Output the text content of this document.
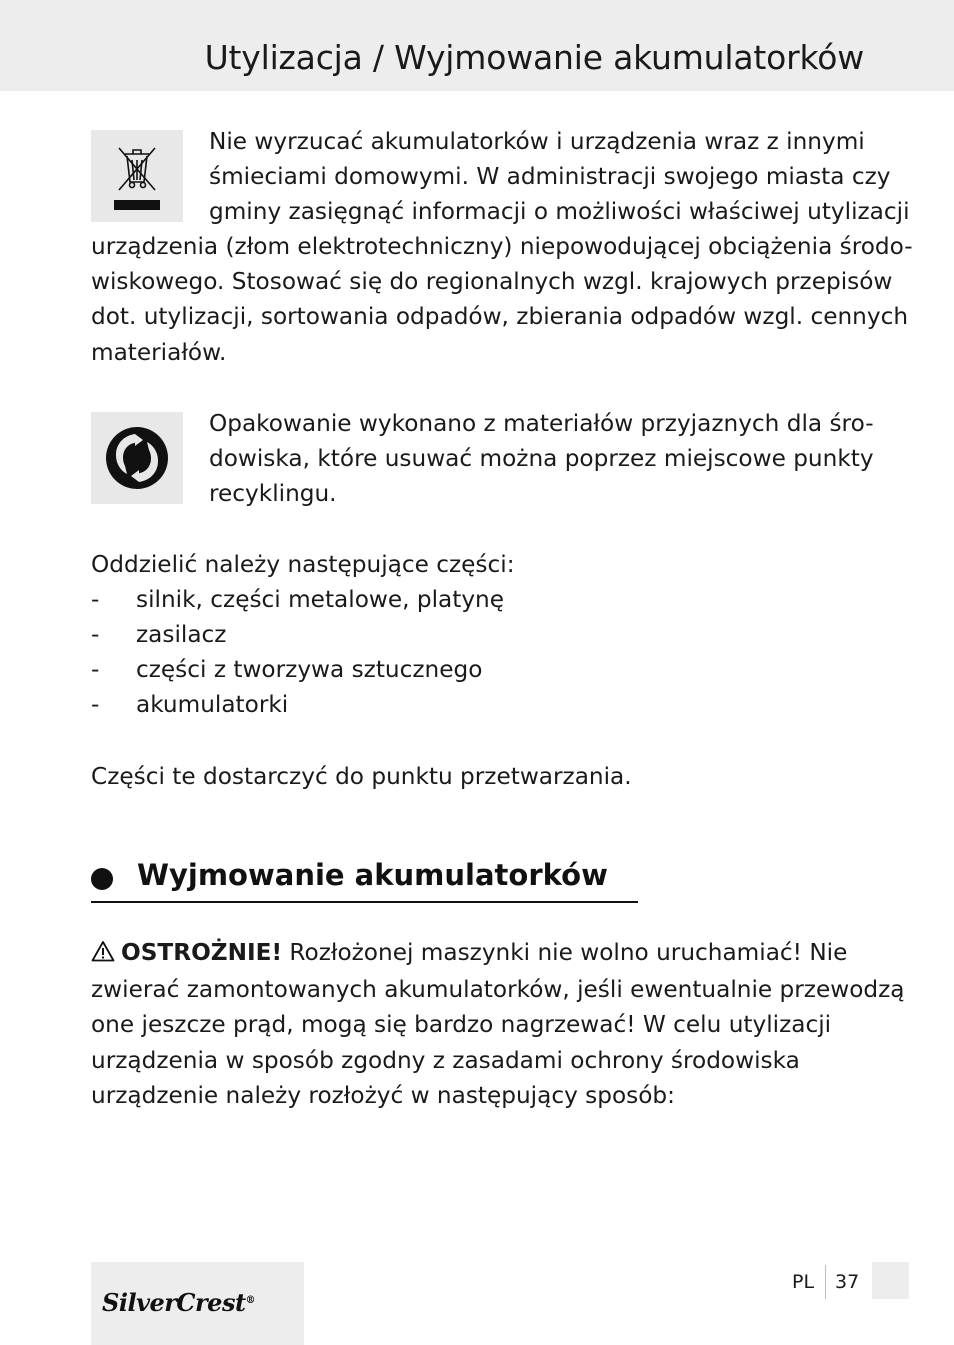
Utylizacja / Wyjmowanie akumulatorków
Nie wyrzucać akumulatorków i urządzenia wraz z innymi
śmieciami domowymi. W administracji swojego miasta czy
gminy zasięgnąć informacji o możliwości właściwej utylizacji
urządzenia (złom elektrotechniczny) niepowodującej obciążenia środo-
wiskowego. Stosować się do regionalnych wzgl. krajowych przepisów
dot. utylizacji, sortowania odpadów, zbierania odpadów wzgl. cennych
materiałów.
Opakowanie wykonano z materiałów przyjaznych dla śro-
dowiska, które usuwać można poprzez miejscowe punkty
recyklingu.
Oddzielić należy następujące części:
- silnik, części metalowe, platynę
- zasilacz
- części z tworzywa sztucznego
- akumulatorki
Części te dostarczyć do punktu przetwarzania.
Wyjmowanie akumulatorków
OSTROŻNIE! Rozłożonej maszynki nie wolno uruchamiać! Nie
zwierać zamontowanych akumulatorków, jeśli ewentualnie przewodzą
one jeszcze prąd, mogą się bardzo nagrzewać! W celu utylizacji
urządzenia w sposób zgodny z zasadami ochrony środowiska
urządzenie należy rozłożyć w następujący sposób:
SilverCrest®
PL 37
